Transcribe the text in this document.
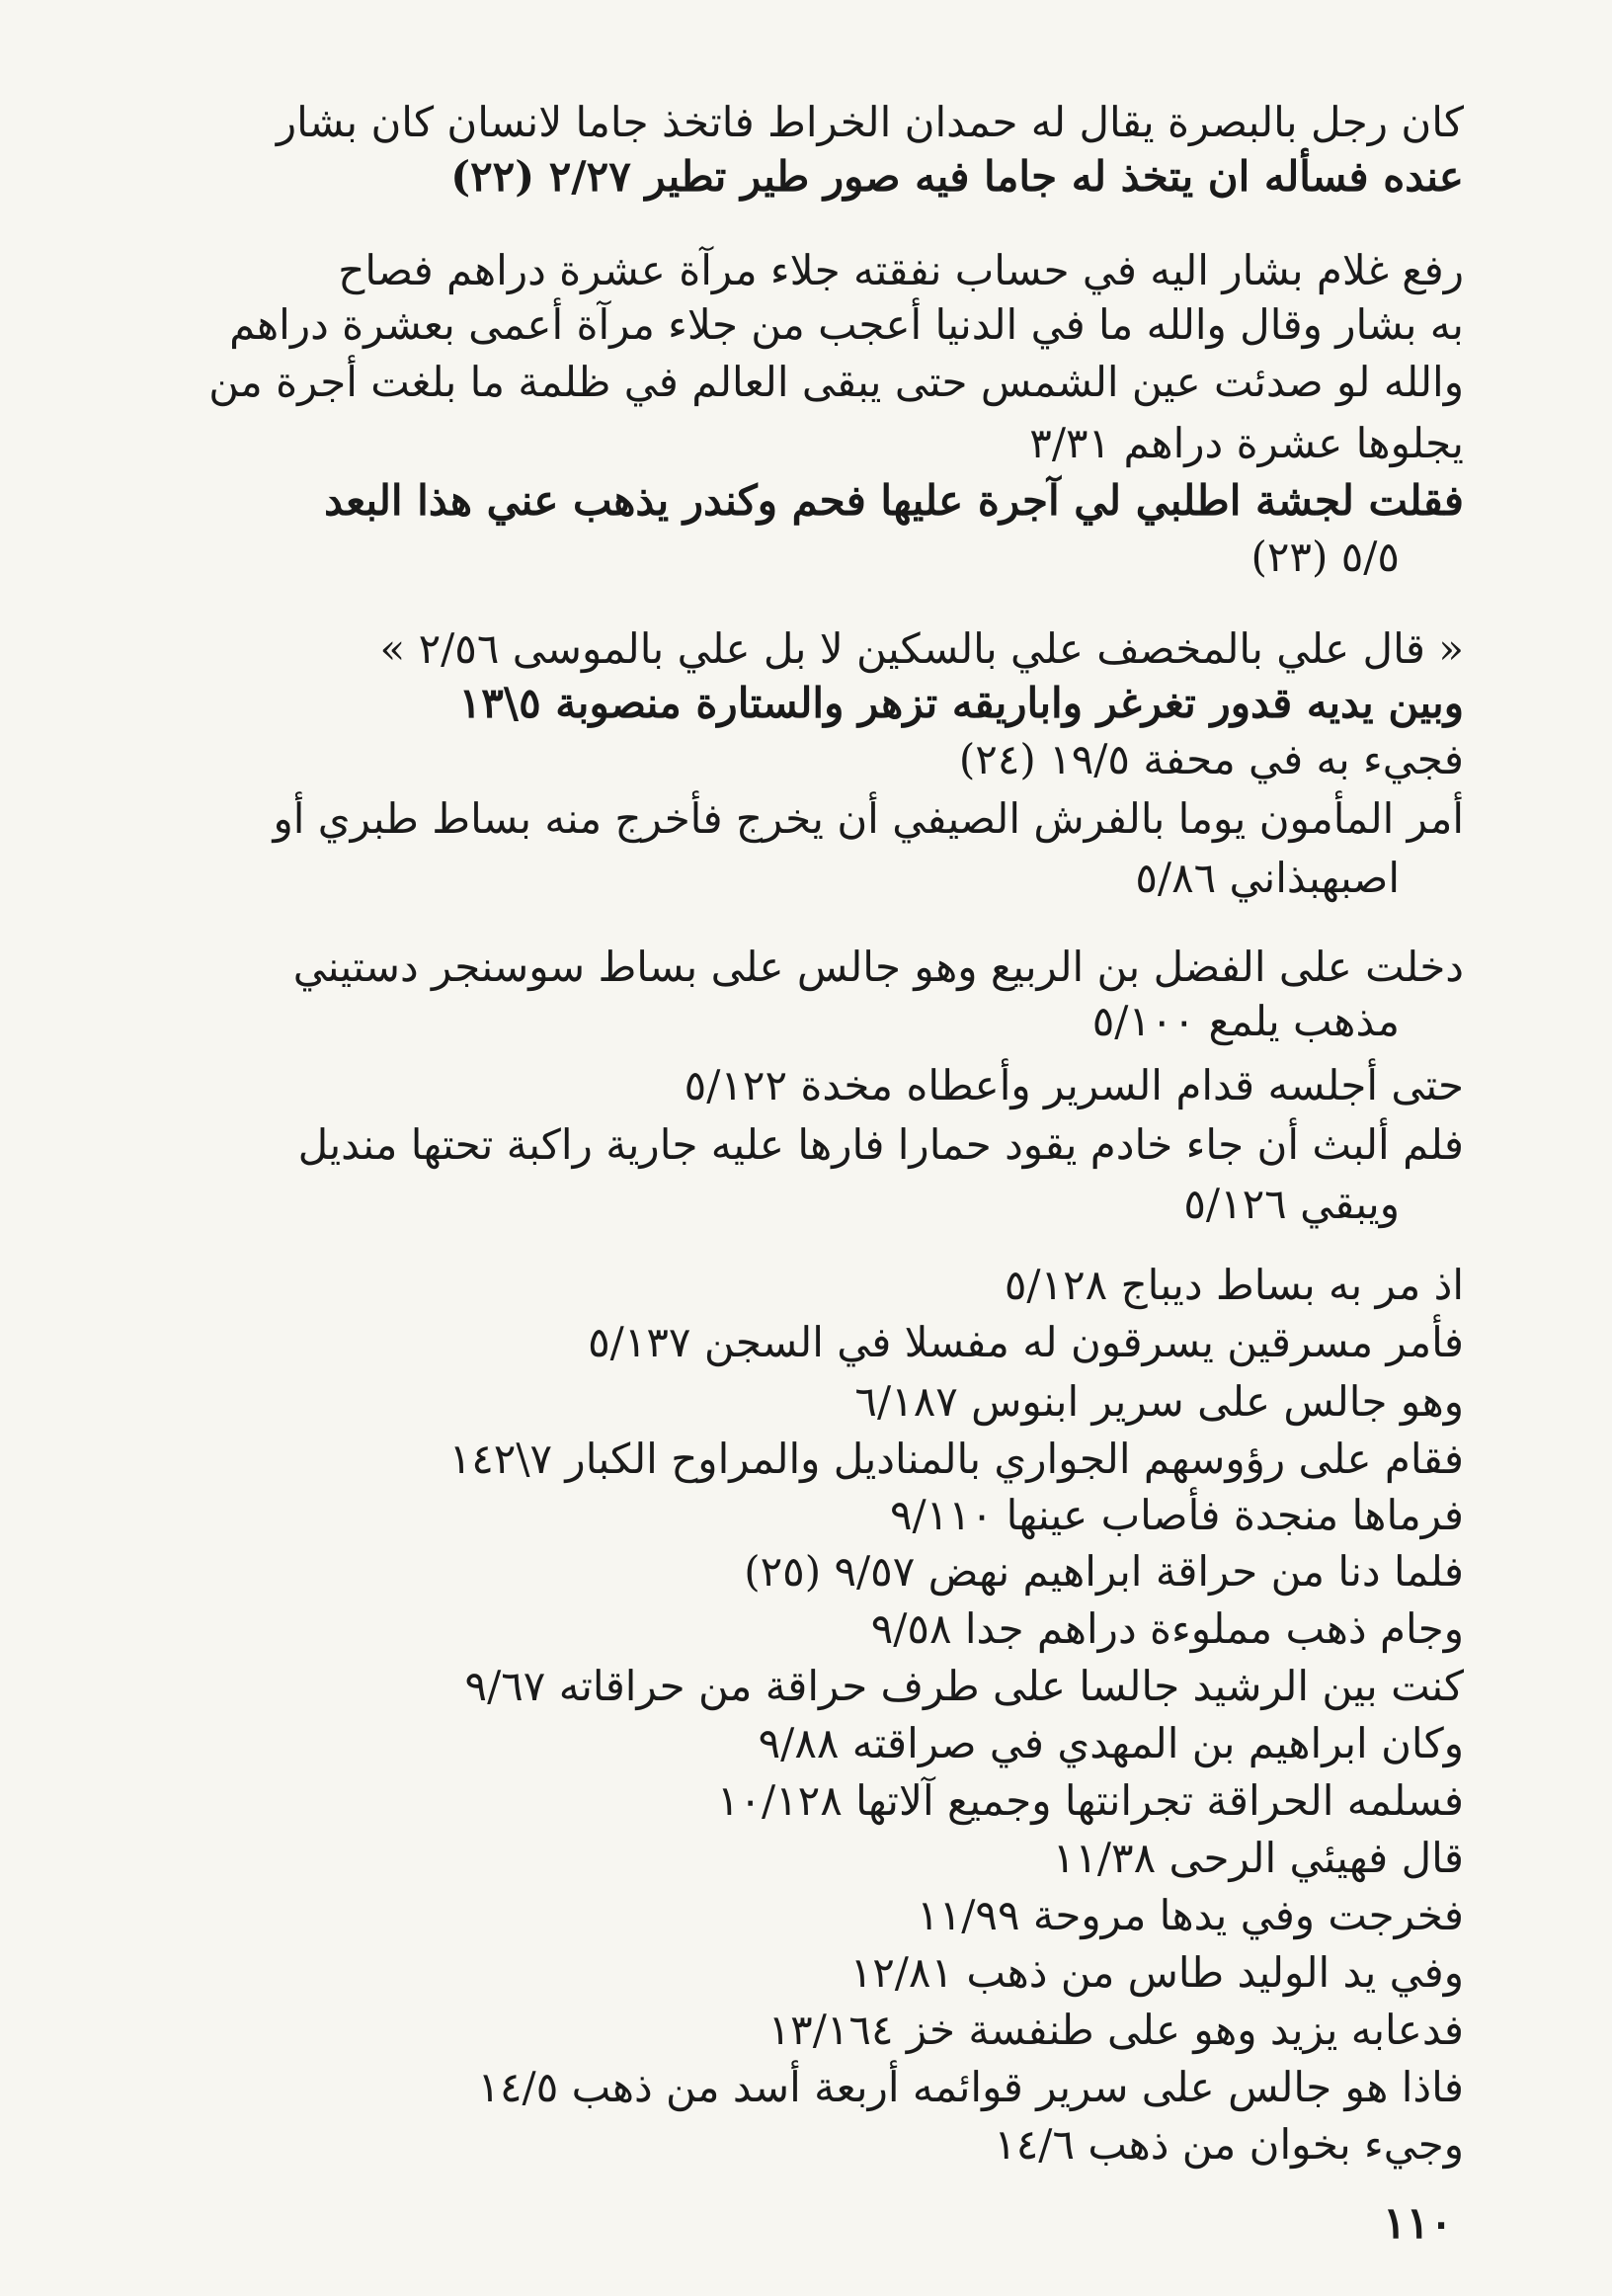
كان رجل بالبصرة يقال له حمدان الخراط فاتخذ جاما لانسان كان بشار
عنده فسأله ان يتخذ له جاما فيه صور طير تطير ٢/٢٧ (٢٢)
رفع غلام بشار اليه في حساب نفقته جلاء مرآة عشرة دراهم فصاح
به بشار وقال والله ما في الدنيا أعجب من جلاء مرآة أعمى بعشرة دراهم
والله لو صدئت عين الشمس حتى يبقى العالم في ظلمة ما بلغت أجرة من
يجلوها عشرة دراهم ٣/٣١
فقلت لجشة اطلبي لي آجرة عليها فحم وكندر يذهب عني هذا البعد
٥/٥ (٢٣)
« قال علي بالمخصف علي بالسكين لا بل علي بالموسى ٢/٥٦ »
وبين يديه قدور تغرغر واباريقه تزهر والستارة منصوبة ٥\١٣
فجيء به في محفة ١٩/٥ (٢٤)
أمر المأمون يوما بالفرش الصيفي أن يخرج فأخرج منه بساط طبري أو
اصبهبذاني ٥/٨٦
دخلت على الفضل بن الربيع وهو جالس على بساط سوسنجر دستيني
مذهب يلمع ٥/١٠٠
حتى أجلسه قدام السرير وأعطاه مخدة ٥/١٢٢
فلم ألبث أن جاء خادم يقود حمارا فارها عليه جارية راكبة تحتها منديل
ويبقي ٥/١٢٦
اذ مر به بساط ديباج ٥/١٢٨
فأمر مسرقين يسرقون له مفسلا في السجن ٥/١٣٧
وهو جالس على سرير ابنوس ٦/١٨٧
فقام على رؤوسهم الجواري بالمناديل والمراوح الكبار ٧\١٤٢
فرماها منجدة فأصاب عينها ٩/١١٠
فلما دنا من حراقة ابراهيم نهض ٩/٥٧ (٢٥)
وجام ذهب مملوءة دراهم جدا ٩/٥٨
كنت بين الرشيد جالسا على طرف حراقة من حراقاته ٩/٦٧
وكان ابراهيم بن المهدي في صراقته ٩/٨٨
فسلمه الحراقة تجرانتها وجميع آلاتها ١٠/١٢٨
قال فهيئي الرحى ١١/٣٨
فخرجت وفي يدها مروحة ١١/٩٩
وفي يد الوليد طاس من ذهب ١٢/٨١
فدعابه يزيد وهو على طنفسة خز ١٣/١٦٤
فاذا هو جالس على سرير قوائمه أربعة أسد من ذهب ١٤/٥
وجيء بخوان من ذهب ١٤/٦
١١٠
